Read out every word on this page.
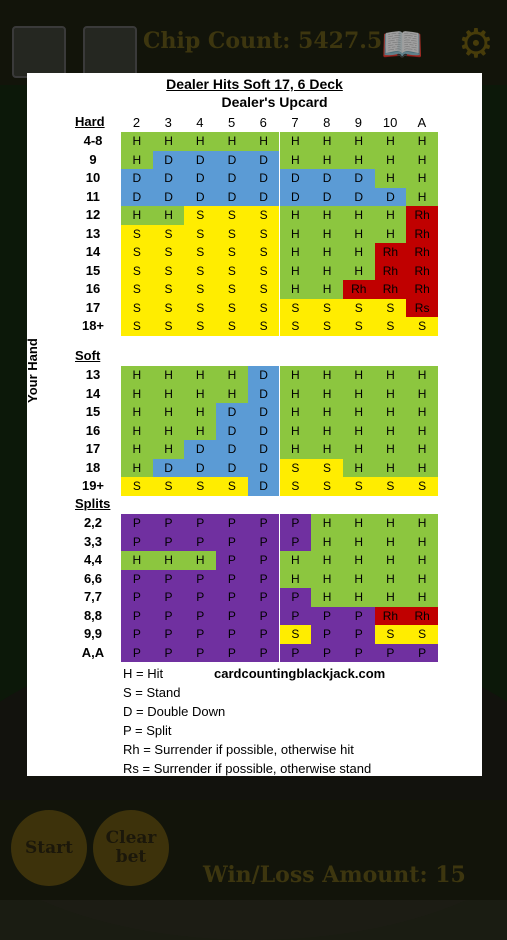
Chip Count: 5427.5
📖 ⚙
Start	Clear bet
Win/Loss Amount: 15
Dealer Hits Soft 17, 6 Deck
Dealer's Upcard
Your Hand
cardcountingblackjack.com
2	3	4	5	6	7	8	9	10	A
Hard
4-8	H	H	H	H	H	H	H	H	H	H
9	H	D	D	D	D	H	H	H	H	H
10	D	D	D	D	D	D	D	D	H	H
11	D	D	D	D	D	D	D	D	D	H
12	H	H	S	S	S	H	H	H	H	Rh
13	S	S	S	S	S	H	H	H	H	Rh
14	S	S	S	S	S	H	H	H	Rh	Rh
15	S	S	S	S	S	H	H	H	Rh	Rh
16	S	S	S	S	S	H	H	Rh	Rh	Rh
17	S	S	S	S	S	S	S	S	S	Rs
18+	S	S	S	S	S	S	S	S	S	S
Soft
13	H	H	H	H	D	H	H	H	H	H
14	H	H	H	H	D	H	H	H	H	H
15	H	H	H	D	D	H	H	H	H	H
16	H	H	H	D	D	H	H	H	H	H
17	H	H	D	D	D	H	H	H	H	H
18	H	D	D	D	D	S	S	H	H	H
19+	S	S	S	S	D	S	S	S	S	S
Splits
2,2	P	P	P	P	P	P	H	H	H	H
3,3	P	P	P	P	P	P	H	H	H	H
4,4	H	H	H	P	P	H	H	H	H	H
6,6	P	P	P	P	P	H	H	H	H	H
7,7	P	P	P	P	P	P	H	H	H	H
8,8	P	P	P	P	P	P	P	P	Rh	Rh
9,9	P	P	P	P	P	S	P	P	S	S
A,A	P	P	P	P	P	P	P	P	P	P
H = Hit
S = Stand
D = Double Down
P = Split
Rh = Surrender if possible, otherwise hit
Rs = Surrender if possible, otherwise stand
